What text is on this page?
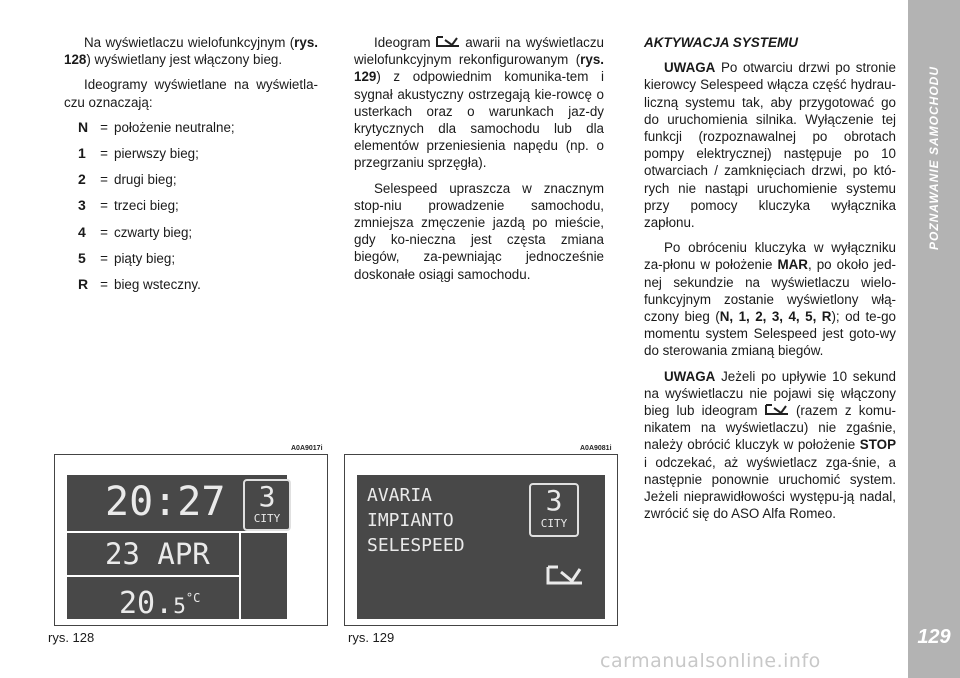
POZNAWANIE SAMOCHODU
129

Na wyświetlaczu wielofunkcyjnym (rys. 128) wyświetlany jest włączony bieg.

Ideogramy wyświetlane na wyświetla-czu oznaczają:

N = położenie neutralne;
1	= pierwszy bieg;
2	= drugi bieg;
3	= trzeci bieg;
4	= czwarty bieg;
5	= piąty bieg;
R = bieg wsteczny.

Ideogram	awarii na wyświetlaczu wielofunkcyjnym rekonfigurowanym (rys. 129) z odpowiednim komunika-tem i sygnał akustyczny ostrzegają kie-rowcę o usterkach oraz o warunkach jaz-dy krytycznych dla samochodu lub dla elementów przeniesienia napędu (np. o przegrzaniu sprzęgła).

Selespeed upraszcza w znacznym stop-niu prowadzenie samochodu, zmniejsza zmęczenie jazdą po mieście, gdy ko-nieczna jest częsta zmiana biegów, za-pewniając jednocześnie doskonałe osiągi samochodu.

AKTYWACJA SYSTEMU

UWAGA Po otwarciu drzwi po stronie kierowcy Selespeed włącza część hydrau-liczną systemu tak, aby przygotować go do uruchomienia silnika. Wyłączenie tej funkcji (rozpoznawalnej po obrotach pompy elektrycznej) następuje po 10 otwarciach / zamknięciach drzwi, po któ-rych nie nastąpi uruchomienie systemu przy pomocy kluczyka wyłącznika zapłonu.

Po obróceniu kluczyka w wyłączniku za-płonu w położenie MAR, po około jed-nej sekundzie na wyświetlaczu wielo-funkcyjnym zostanie wyświetlony włą-czony bieg (N, 1, 2, 3, 4, 5, R); od te-go momentu system Selespeed jest goto-wy do sterowania zmianą biegów.

UWAGA Jeżeli po upływie 10 sekund na wyświetlaczu nie pojawi się włączony bieg lub ideogram	(razem z komu-nikatem na wyświetlaczu) nie zgaśnie, należy obrócić kluczyk w położenie STOP i odczekać, aż wyświetlacz zga-śnie, a następnie ponownie uruchomić system. Jeżeli nieprawidłowości występu-ją nadal, zwrócić się do ASO Alfa Romeo.

A0A9017i
20:27
23 APR
$20.5^{^\circ C}$
3
CITY
rys. 128
A0A9081i
AVARIA
IMPIANTO
SELESPEED
3
CITY
rys. 129
carmanualsonline.info
